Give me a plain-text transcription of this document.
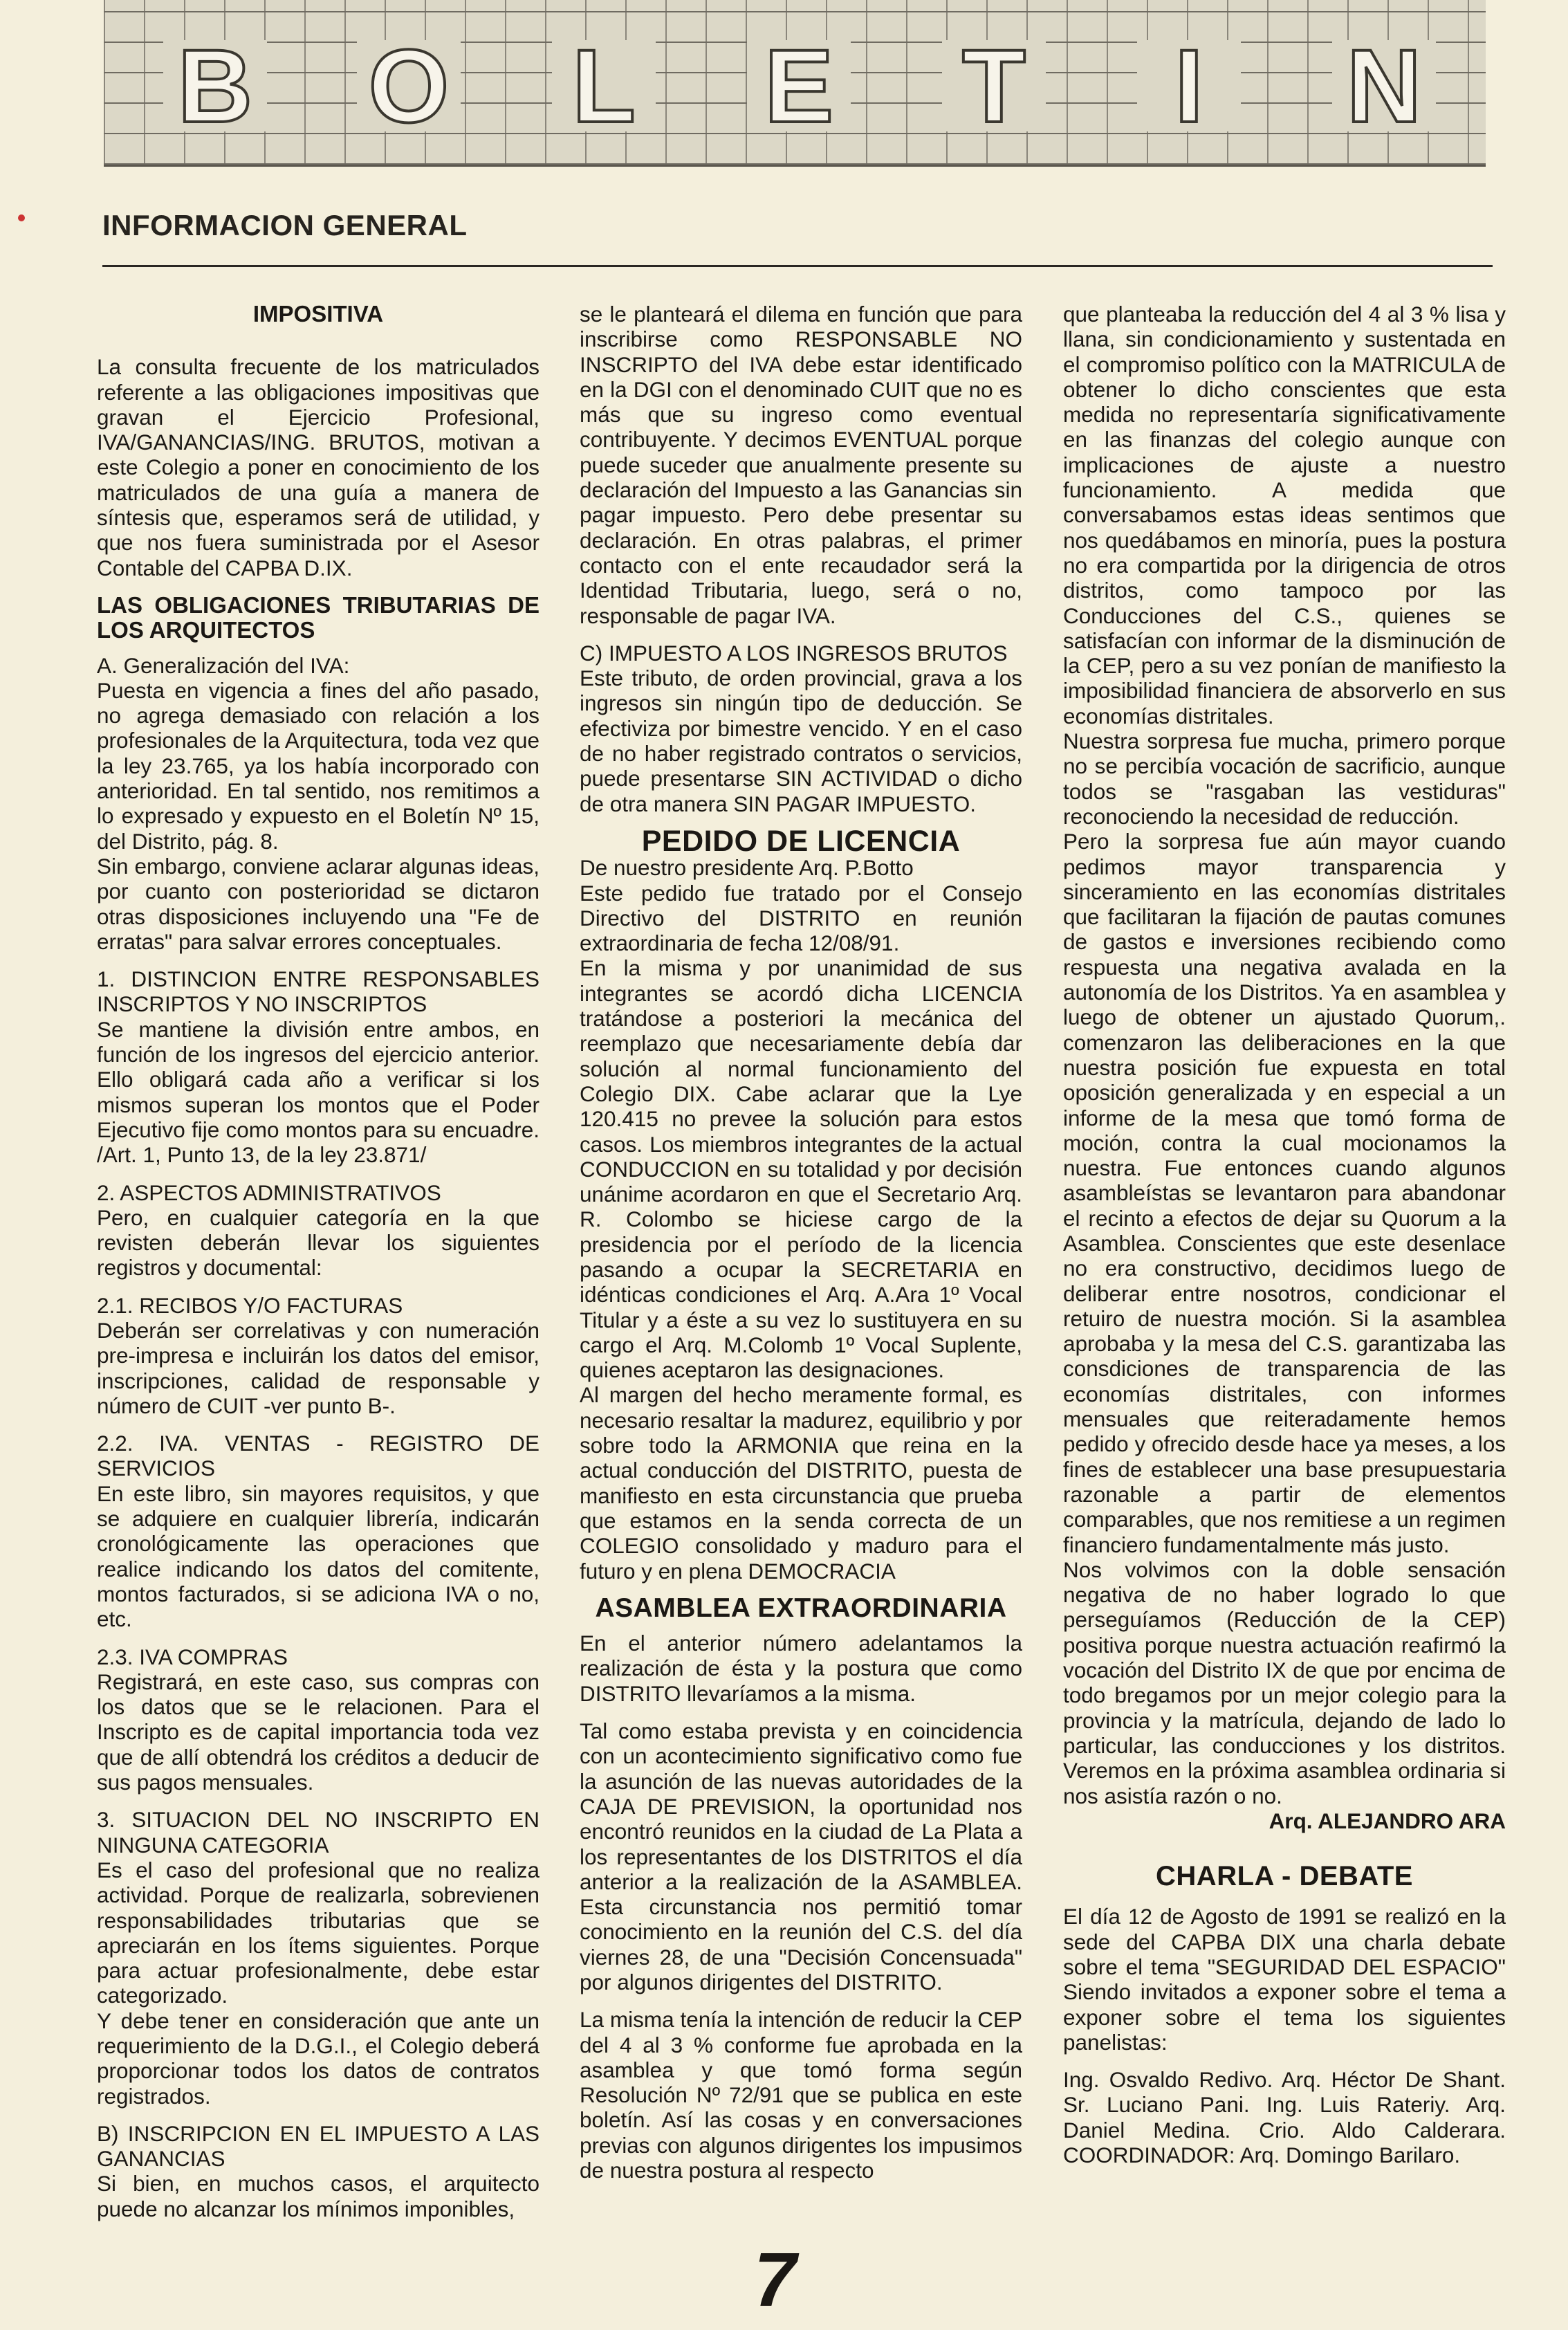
B O L E T	I	N
INFORMACION GENERAL
IMPOSITIVA

La consulta frecuente de los matriculados referente a las obligaciones impositivas que gravan el Ejercicio Profesional, IVA/GANANCIAS/ING. BRUTOS, motivan a este Colegio a poner en conocimiento de los matriculados de una guía a manera de síntesis que, esperamos será de utilidad, y que nos fuera suministrada por el Asesor Contable del CAPBA D.IX.

LAS OBLIGACIONES TRIBUTARIAS DE LOS ARQUITECTOS

A. Generalización del IVA:

Puesta en vigencia a fines del año pasado, no agrega demasiado con relación a los profesionales de la Arquitectura, toda vez que la ley 23.765, ya los había incorporado con anterioridad. En tal sentido, nos remitimos a lo expresado y expuesto en el Boletín Nº 15, del Distrito, pág. 8.

Sin embargo, conviene aclarar algunas ideas, por cuanto con posterioridad se dictaron otras disposiciones incluyendo una "Fe de erratas" para salvar errores conceptuales.

1. DISTINCION ENTRE RESPONSABLES INSCRIPTOS Y NO INSCRIPTOS

Se mantiene la división entre ambos, en función de los ingresos del ejercicio anterior. Ello obligará cada año a verificar si los mismos superan los montos que el Poder Ejecutivo fije como montos para su encuadre. /Art. 1, Punto 13, de la ley 23.871/

2. ASPECTOS ADMINISTRATIVOS

Pero, en cualquier categoría en la que revisten deberán llevar los siguientes registros y documental:

2.1. RECIBOS Y/O FACTURAS

Deberán ser correlativas y con numeración pre-impresa e incluirán los datos del emisor, inscripciones, calidad de responsable y número de CUIT -ver punto B-.

2.2. IVA. VENTAS - REGISTRO DE SERVICIOS

En este libro, sin mayores requisitos, y que se adquiere en cualquier librería, indicarán cronológicamente las operaciones que realice indicando los datos del comitente, montos facturados, si se adiciona IVA o no, etc.

2.3. IVA COMPRAS

Registrará, en este caso, sus compras con los datos que se le relacionen. Para el Inscripto es de capital importancia toda vez que de allí obtendrá los créditos a deducir de sus pagos mensuales.

3. SITUACION DEL NO INSCRIPTO EN NINGUNA CATEGORIA

Es el caso del profesional que no realiza actividad. Porque de realizarla, sobrevienen responsabilidades tributarias que se apreciarán en los ítems siguientes. Porque para actuar profesionalmente, debe estar categorizado.

Y debe tener en consideración que ante un requerimiento de la D.G.I., el Colegio deberá proporcionar todos los datos de contratos registrados.

B) INSCRIPCION EN EL IMPUESTO A LAS GANANCIAS

Si bien, en muchos casos, el arquitecto puede no alcanzar los mínimos imponibles,

se le planteará el dilema en función que para inscribirse como RESPONSABLE NO INSCRIPTO del IVA debe estar identificado en la DGI con el denominado CUIT que no es más que su ingreso como eventual contribuyente. Y decimos EVENTUAL porque puede suceder que anualmente presente su declaración del Impuesto a las Ganancias sin pagar impuesto. Pero debe presentar su declaración. En otras palabras, el primer contacto con el ente recaudador será la Identidad Tributaria, luego, será o no, responsable de pagar IVA.

C) IMPUESTO A LOS INGRESOS BRUTOS

Este tributo, de orden provincial, grava a los ingresos sin ningún tipo de deducción. Se efectiviza por bimestre vencido. Y en el caso de no haber registrado contratos o servicios, puede presentarse SIN ACTIVIDAD o dicho de otra manera SIN PAGAR IMPUESTO.

PEDIDO DE LICENCIA

De nuestro presidente Arq. P.Botto

Este pedido fue tratado por el Consejo Directivo del DISTRITO en reunión extraordinaria de fecha 12/08/91.

En la misma y por unanimidad de sus integrantes se acordó dicha LICENCIA tratándose a posteriori la mecánica del reemplazo que necesariamente debía dar solución al normal funcionamiento del Colegio DIX. Cabe aclarar que la Lye 120.415 no prevee la solución para estos casos. Los miembros integrantes de la actual CONDUCCION en su totalidad y por decisión unánime acordaron en que el Secretario Arq. R. Colombo se hiciese cargo de la presidencia por el período de la licencia pasando a ocupar la SECRETARIA en idénticas condiciones el Arq. A.Ara 1º Vocal Titular y a éste a su vez lo sustituyera en su cargo el Arq. M.Colomb 1º Vocal Suplente, quienes aceptaron las designaciones.

Al margen del hecho meramente formal, es necesario resaltar la madurez, equilibrio y por sobre todo la ARMONIA que reina en la actual conducción del DISTRITO, puesta de manifiesto en esta circunstancia que prueba que estamos en la senda correcta de un COLEGIO consolidado y maduro para el futuro y en plena DEMOCRACIA

ASAMBLEA EXTRAORDINARIA

En el anterior número adelantamos la realización de ésta y la postura que como DISTRITO llevaríamos a la misma.

Tal como estaba prevista y en coincidencia con un acontecimiento significativo como fue la asunción de las nuevas autoridades de la CAJA DE PREVISION, la oportunidad nos encontró reunidos en la ciudad de La Plata a los representantes de los DISTRITOS el día anterior a la realización de la ASAMBLEA. Esta circunstancia nos permitió tomar conocimiento en la reunión del C.S. del día viernes 28, de una "Decisión Concensuada" por algunos dirigentes del DISTRITO.

La misma tenía la intención de reducir la CEP del 4 al 3 % conforme fue aprobada en la asamblea y que tomó forma según Resolución Nº 72/91 que se publica en este boletín. Así las cosas y en conversaciones previas con algunos dirigentes los impusimos de nuestra postura al respecto

que planteaba la reducción del 4 al 3 % lisa y llana, sin condicionamiento y sustentada en el compromiso político con la MATRICULA de obtener lo dicho conscientes que esta medida no representaría significativamente en las finanzas del colegio aunque con implicaciones de ajuste a nuestro funcionamiento. A medida que conversabamos estas ideas sentimos que nos quedábamos en minoría, pues la postura no era compartida por la dirigencia de otros distritos, como tampoco por las Conducciones del C.S., quienes se satisfacían con informar de la disminución de la CEP, pero a su vez ponían de manifiesto la imposibilidad financiera de absorverlo en sus economías distritales.

Nuestra sorpresa fue mucha, primero porque no se percibía vocación de sacrificio, aunque todos se "rasgaban las vestiduras" reconociendo la necesidad de reducción.

Pero la sorpresa fue aún mayor cuando pedimos mayor transparencia y sinceramiento en las economías distritales que facilitaran la fijación de pautas comunes de gastos e inversiones recibiendo como respuesta una negativa avalada en la autonomía de los Distritos. Ya en asamblea y luego de obtener un ajustado Quorum,. comenzaron las deliberaciones en la que nuestra posición fue expuesta en total oposición generalizada y en especial a un informe de la mesa que tomó forma de moción, contra la cual mocionamos la nuestra. Fue entonces cuando algunos asambleístas se levantaron para abandonar el recinto a efectos de dejar su Quorum a la Asamblea. Conscientes que este desenlace no era constructivo, decidimos luego de deliberar entre nosotros, condicionar el retuiro de nuestra moción. Si la asamblea aprobaba y la mesa del C.S. garantizaba las consdiciones de transparencia de las economías distritales, con informes mensuales que reiteradamente hemos pedido y ofrecido desde hace ya meses, a los fines de establecer una base presupuestaria razonable a partir de elementos comparables, que nos remitiese a un regimen financiero fundamentalmente más justo.

Nos volvimos con la doble sensación negativa de no haber logrado lo que perseguíamos (Reducción de la CEP) positiva porque nuestra actuación reafirmó la vocación del Distrito IX de que por encima de todo bregamos por un mejor colegio para la provincia y la matrícula, dejando de lado lo particular, las conducciones y los distritos. Veremos en la próxima asamblea ordinaria si nos asistía razón o no.

Arq. ALEJANDRO ARA

CHARLA - DEBATE

El día 12 de Agosto de 1991 se realizó en la sede del CAPBA DIX una charla debate sobre el tema "SEGURIDAD DEL ESPACIO" Siendo invitados a exponer sobre el tema a exponer sobre el tema los siguientes panelistas:

Ing. Osvaldo Redivo. Arq. Héctor De Shant. Sr. Luciano Pani. Ing. Luis Rateriy. Arq. Daniel Medina. Crio. Aldo Calderara. COORDINADOR: Arq. Domingo Barilaro.

7
